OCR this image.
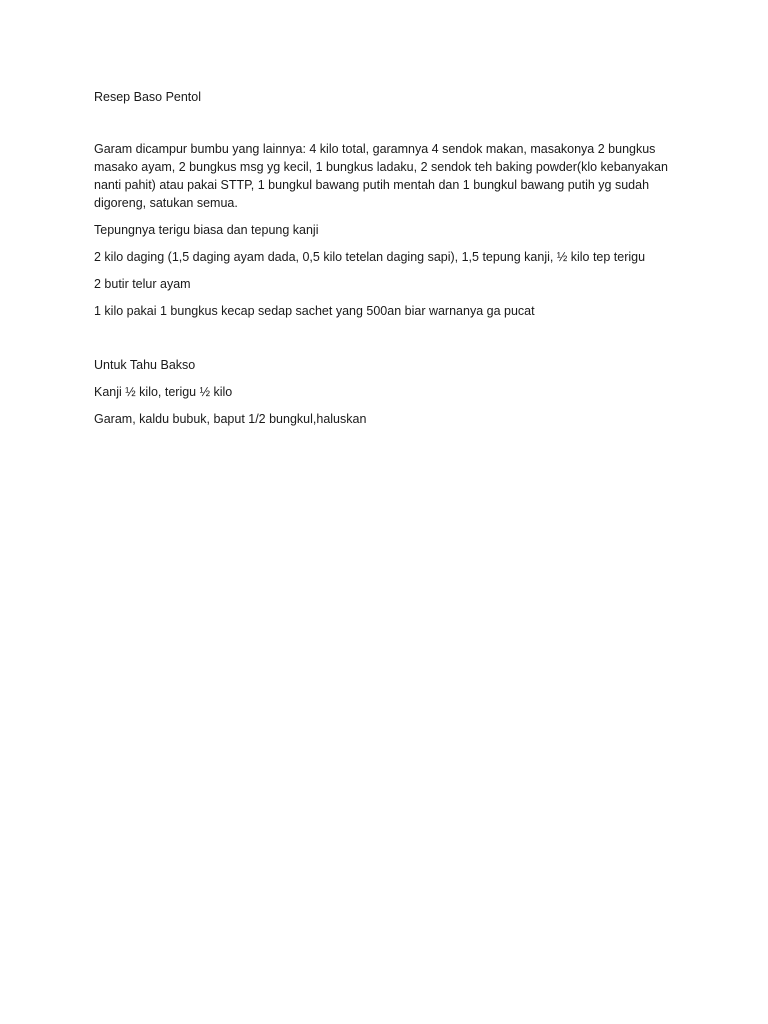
Resep Baso Pentol

Garam dicampur bumbu yang lainnya: 4 kilo total, garamnya 4 sendok makan, masakonya 2 bungkus masako ayam, 2 bungkus msg yg kecil, 1 bungkus ladaku, 2 sendok teh baking powder(klo kebanyakan nanti pahit) atau pakai STTP, 1 bungkul bawang putih mentah dan 1 bungkul bawang putih yg sudah digoreng, satukan semua.

Tepungnya terigu biasa dan tepung kanji

2 kilo daging (1,5 daging ayam dada, 0,5 kilo tetelan daging sapi), 1,5 tepung kanji, ½ kilo tep terigu

2 butir telur ayam

1 kilo pakai 1 bungkus kecap sedap sachet yang 500an biar warnanya ga pucat

Untuk Tahu Bakso

Kanji ½ kilo, terigu ½ kilo

Garam, kaldu bubuk, baput 1/2 bungkul,haluskan
